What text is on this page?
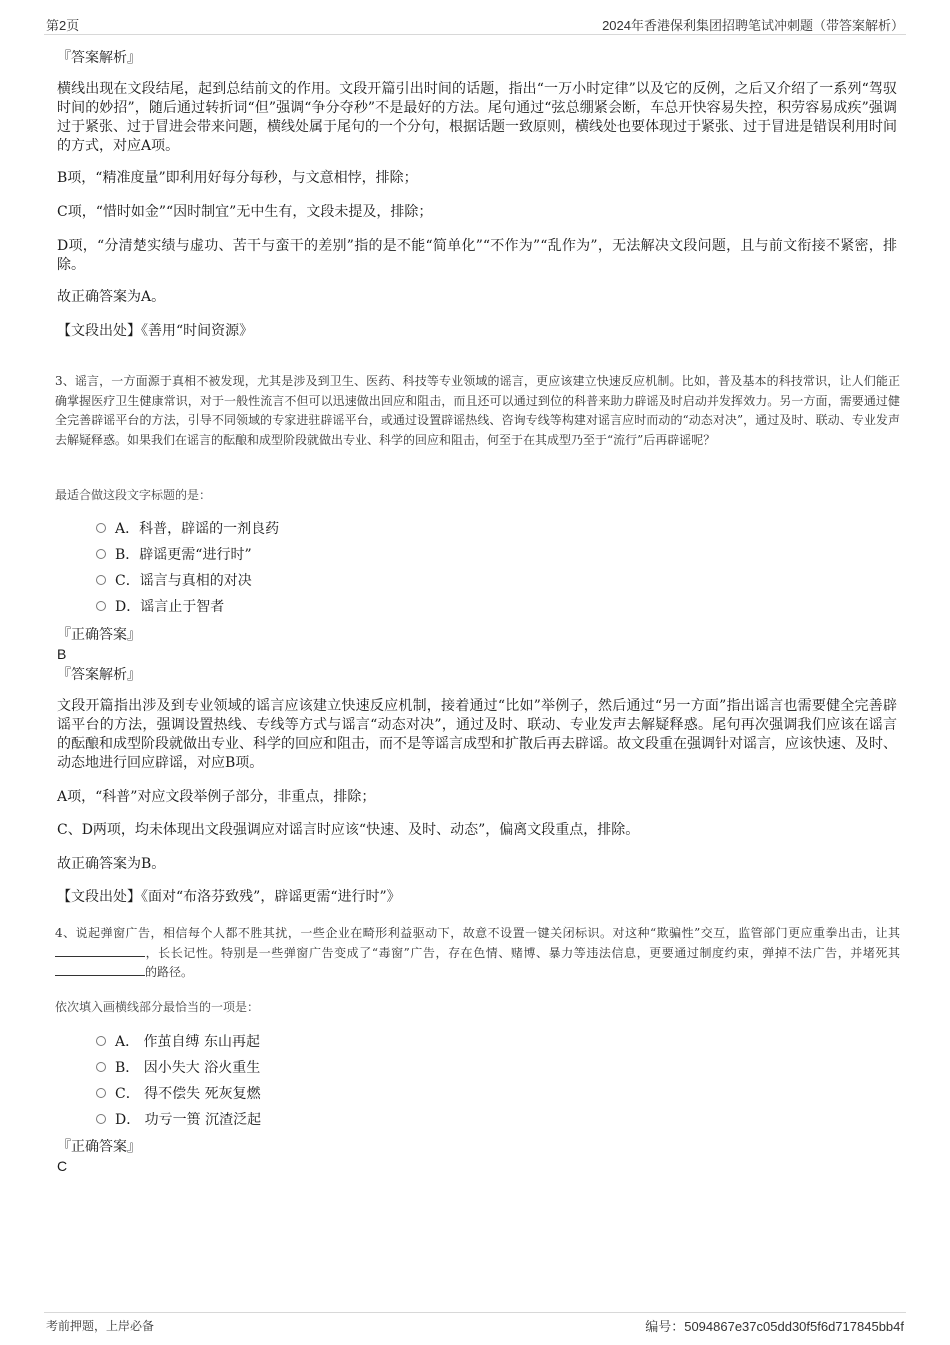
第2页	2024年香港保利集团招聘笔试冲刺题（带答案解析）

『答案解析』

横线出现在文段结尾，起到总结前文的作用。文段开篇引出时间的话题，指出“一万小时定律”以及它的反例，之后又介绍了一系列“驾驭时间的妙招”，随后通过转折词“但”强调“争分夺秒”不是最好的方法。尾句通过“弦总绷紧会断，车总开快容易失控，积劳容易成疾”强调过于紧张、过于冒进会带来问题，横线处属于尾句的一个分句，根据话题一致原则，横线处也要体现过于紧张、过于冒进是错误利用时间的方式，对应A项。

B项，“精准度量”即利用好每分每秒，与文意相悖，排除；

C项，“惜时如金”“因时制宜”无中生有，文段未提及，排除；

D项，“分清楚实绩与虚功、苦干与蛮干的差别”指的是不能“简单化”“不作为”“乱作为”，无法解决文段问题，且与前文衔接不紧密，排除。

故正确答案为A。

【文段出处】《善用“时间资源》

3、谣言，一方面源于真相不被发现，尤其是涉及到卫生、医药、科技等专业领域的谣言，更应该建立快速反应机制。比如，普及基本的科技常识，让人们能正确掌握医疗卫生健康常识，对于一般性流言不但可以迅速做出回应和阻击，而且还可以通过到位的科普来助力辟谣及时启动并发挥效力。另一方面，需要通过健全完善辟谣平台的方法，引导不同领域的专家进驻辟谣平台，或通过设置辟谣热线、咨询专线等构建对谣言应时而动的“动态对决”，通过及时、联动、专业发声去解疑释惑。如果我们在谣言的酝酿和成型阶段就做出专业、科学的回应和阻击，何至于在其成型乃至于“流行”后再辟谣呢？

最适合做这段文字标题的是：
A．科普，辟谣的一剂良药
B．辟谣更需“进行时”
C．谣言与真相的对决
D．谣言止于智者

『正确答案』

B

『答案解析』

文段开篇指出涉及到专业领域的谣言应该建立快速反应机制，接着通过“比如”举例子，然后通过“另一方面”指出谣言也需要健全完善辟谣平台的方法，强调设置热线、专线等方式与谣言“动态对决”，通过及时、联动、专业发声去解疑释惑。尾句再次强调我们应该在谣言的酝酿和成型阶段就做出专业、科学的回应和阻击，而不是等谣言成型和扩散后再去辟谣。故文段重在强调针对谣言，应该快速、及时、动态地进行回应辟谣，对应B项。

A项，“科普”对应文段举例子部分，非重点，排除；

C、D两项，均未体现出文段强调应对谣言时应该“快速、及时、动态”，偏离文段重点，排除。

故正确答案为B。

【文段出处】《面对“布洛芬致残”，辟谣更需“进行时”》

4、说起弹窗广告，相信每个人都不胜其扰，一些企业在畸形利益驱动下，故意不设置一键关闭标识。对这种“欺骗性”交互，监管部门更应重拳出击，让其，长长记性。特别是一些弹窗广告变成了“毒窗”广告，存在色情、赌博、暴力等违法信息，更要通过制度约束，弹掉不法广告，并堵死其的路径。

依次填入画横线部分最恰当的一项是：
A． 作茧自缚 东山再起
B． 因小失大 浴火重生
C． 得不偿失 死灰复燃
D． 功亏一篑 沉渣泛起

『正确答案』

C

考前押题，上岸必备	编号：5094867e37c05dd30f5f6d717845bb4f
